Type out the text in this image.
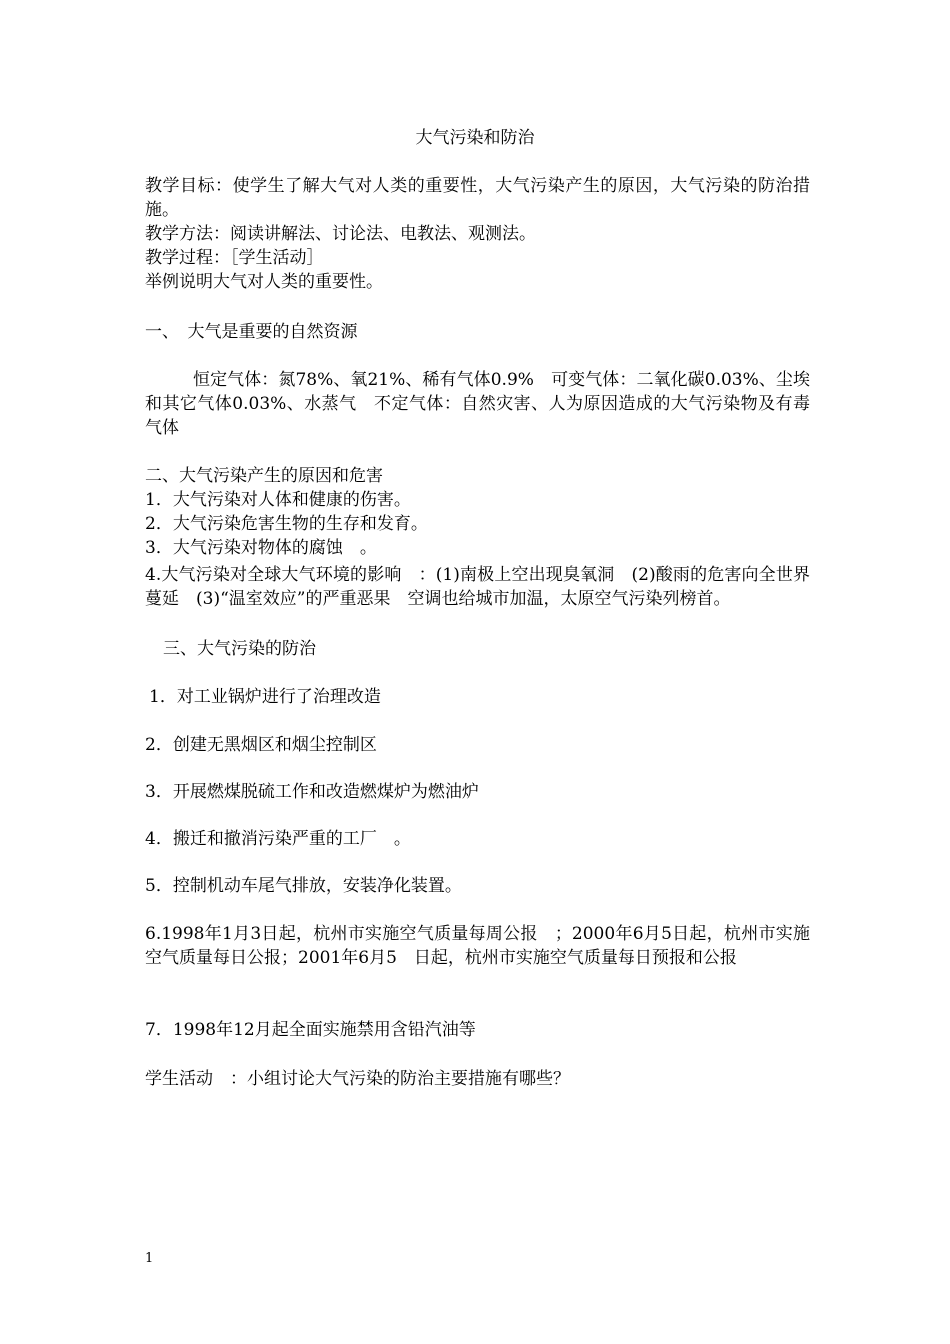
大气污染和防治
教学目标：使学生了解大气对人类的重要性，大气污染产生的原因，大气污染的防治措施。
教学方法：阅读讲解法、讨论法、电教法、观测法。
教学过程：［学生活动］
举例说明大气对人类的重要性。
一、　大气是重要的自然资源
恒定气体：氮78%、氧21%、稀有气体0.9%　可变气体：二氧化碳0.03%、尘埃和其它气体0.03%、水蒸气　不定气体：自然灾害、人为原因造成的大气污染物及有毒气体
二、大气污染产生的原因和危害
1．大气污染对人体和健康的伤害。
2．大气污染危害生物的生存和发育。
3．大气污染对物体的腐蚀　。
4.大气污染对全球大气环境的影响　：(1)南极上空出现臭氧洞　(2)酸雨的危害向全世界蔓延　(3)“温室效应”的严重恶果　空调也给城市加温，太原空气污染列榜首。
三、大气污染的防治
1．对工业锅炉进行了治理改造
2．创建无黑烟区和烟尘控制区
3．开展燃煤脱硫工作和改造燃煤炉为燃油炉
4．搬迁和撤消污染严重的工厂　。
5．控制机动车尾气排放，安装净化装置。
6.1998年1月3日起，杭州市实施空气质量每周公报　；2000年6月5日起，杭州市实施空气质量每日公报；2001年6月5　日起，杭州市实施空气质量每日预报和公报
7．1998年12月起全面实施禁用含铅汽油等
学生活动　：小组讨论大气污染的防治主要措施有哪些？
1
